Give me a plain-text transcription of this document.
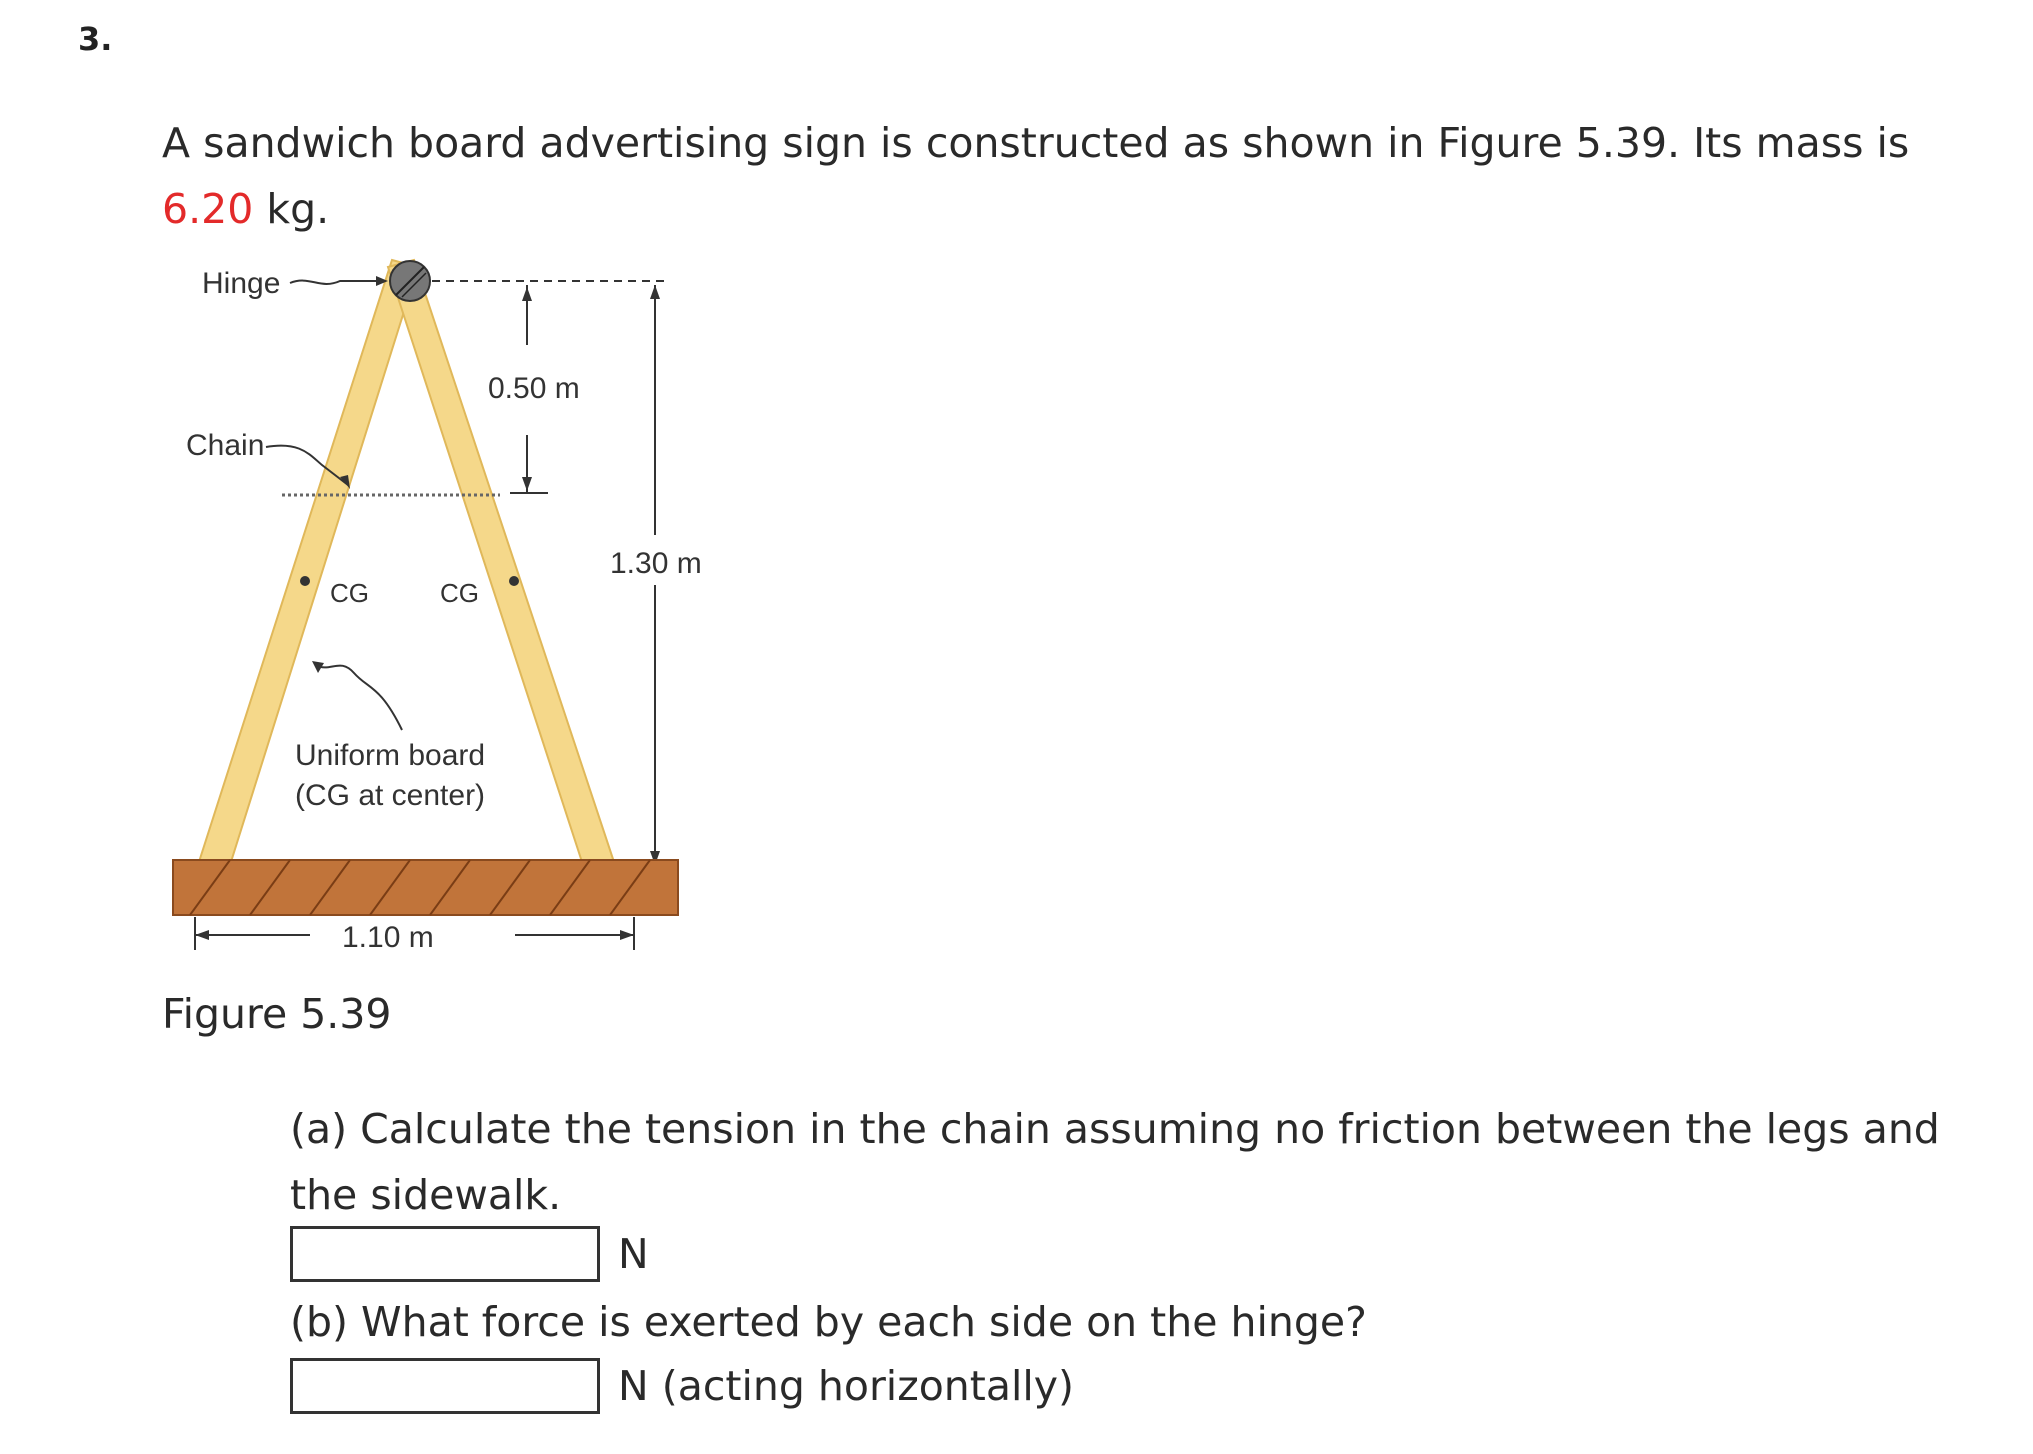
3.
A sandwich board advertising sign is constructed as shown in Figure 5.39. Its mass is
6.20 kg.
Hinge
0.50 m
Chain
1.30 m
CG	CG
Uniform board
(CG at center)
1.10 m
Figure 5.39
(a) Calculate the tension in the chain assuming no friction between the legs and the sidewalk.
N
(b) What force is exerted by each side on the hinge?
N (acting horizontally)
